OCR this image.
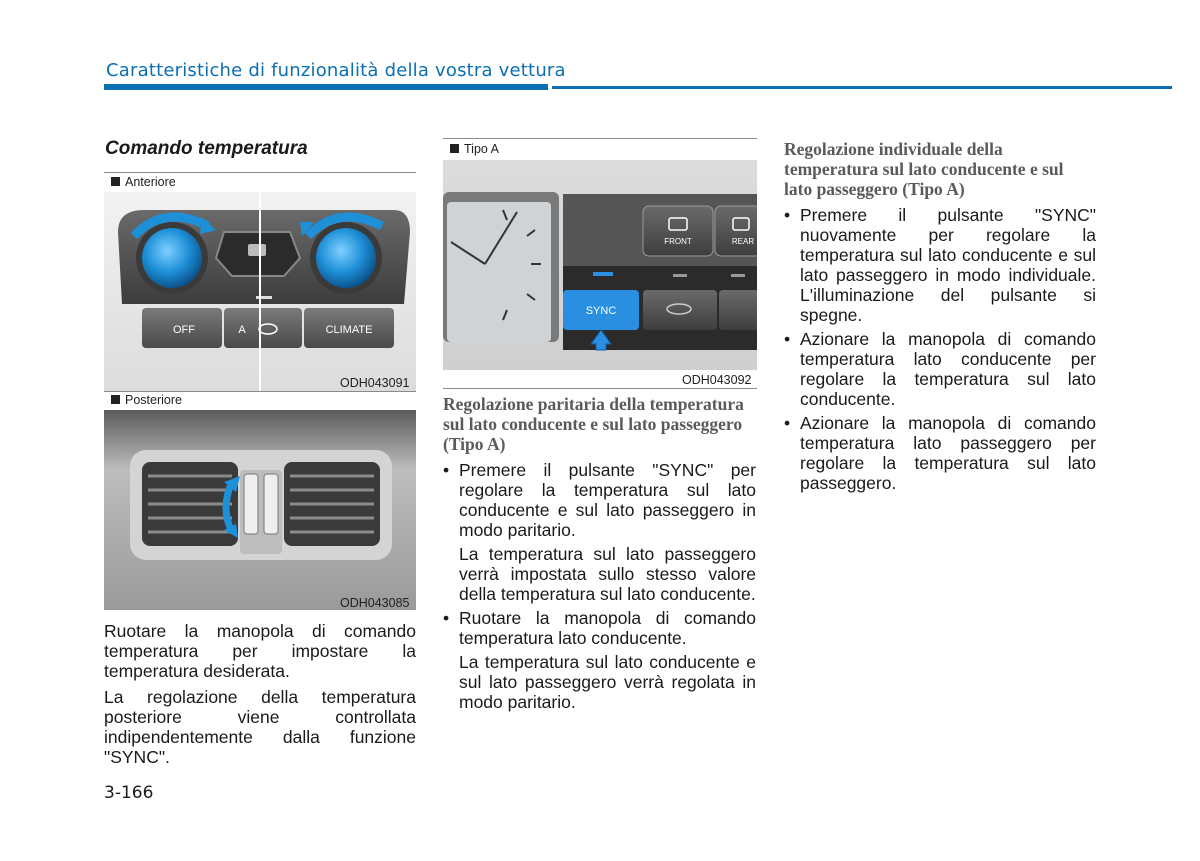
Caratteristiche di funzionalità della vostra vettura
Comando temperatura
Anteriore
OFF	A	CLIMATE
ODH043091
Posteriore
ODH043085

Ruotare la manopola di comando temperatura per impostare la temperatura desiderata.

La regolazione della temperatura posteriore viene controllata indipendentemente dalla funzione "SYNC".

Tipo A
FRONT	REAR
SYNC
ODH043092

Regolazione paritaria della temperatura sul lato conducente e sul lato passeggero (Tipo A)

• Premere il pulsante "SYNC" per regolare la temperatura sul lato conducente e sul lato passeggero in modo paritario.

La temperatura sul lato passeggero verrà impostata sullo stesso valore della temperatura sul lato conducente.

• Ruotare la manopola di comando temperatura lato conducente.

La temperatura sul lato conducente e sul lato passeggero verrà regolata in modo paritario.

Regolazione individuale della temperatura sul lato conducente e sul lato passeggero (Tipo A)

• Premere il pulsante "SYNC" nuovamente per regolare la temperatura sul lato conducente e sul lato passeggero in modo individuale. L'illuminazione del pulsante si spegne.

• Azionare la manopola di comando temperatura lato conducente per regolare la temperatura sul lato conducente.

• Azionare la manopola di comando temperatura lato passeggero per regolare la temperatura sul lato passeggero.

3-166
